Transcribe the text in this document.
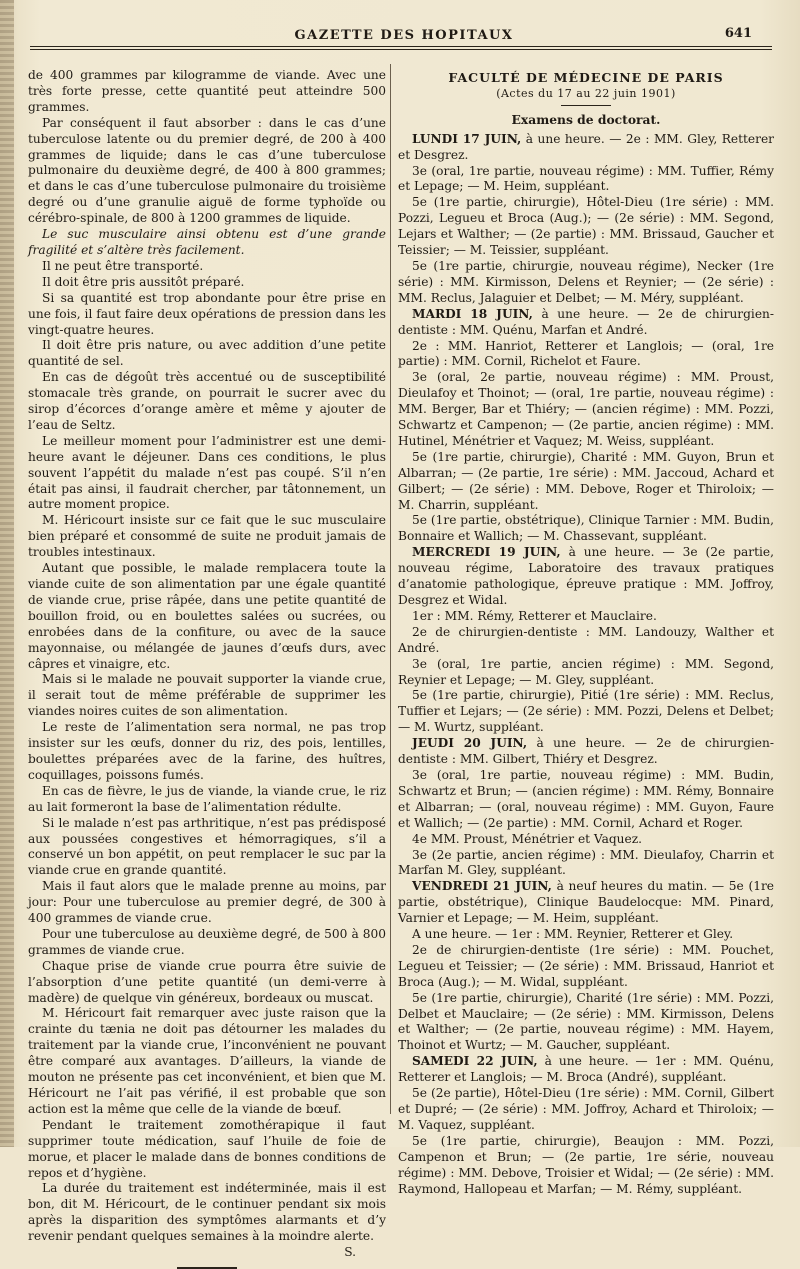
GAZETTE DES HOPITAUX	641

de 400 grammes par kilogramme de viande. Avec une très forte presse, cette quantité peut atteindre 500 grammes.

Par conséquent il faut absorber : dans le cas d’une tuberculose latente ou du premier degré, de 200 à 400 grammes de liquide; dans le cas d’une tuberculose pulmonaire du deuxième degré, de 400 à 800 grammes; et dans le cas d’une tuberculose pulmonaire du troisième degré ou d’une granulie aiguë de forme typhoïde ou cérébro-spinale, de 800 à 1200 grammes de liquide.

Le suc musculaire ainsi obtenu est d’une grande fragilité et s’altère très facilement.

Il ne peut être transporté.

Il doit être pris aussitôt préparé.

Si sa quantité est trop abondante pour être prise en une fois, il faut faire deux opérations de pression dans les vingt-quatre heures.

Il doit être pris nature, ou avec addition d’une petite quantité de sel.

En cas de dégoût très accentué ou de susceptibilité stomacale très grande, on pourrait le sucrer avec du sirop d’écorces d’orange amère et même y ajouter de l’eau de Seltz.

Le meilleur moment pour l’administrer est une demi-heure avant le déjeuner. Dans ces conditions, le plus souvent l’appétit du malade n’est pas coupé. S’il n’en était pas ainsi, il faudrait chercher, par tâtonnement, un autre moment propice.

M. Héricourt insiste sur ce fait que le suc musculaire bien préparé et consommé de suite ne produit jamais de troubles intestinaux.

Autant que possible, le malade remplacera toute la viande cuite de son alimentation par une égale quantité de viande crue, prise râpée, dans une petite quantité de bouillon froid, ou en boulettes salées ou sucrées, ou enrobées dans de la confiture, ou avec de la sauce mayonnaise, ou mélangée de jaunes d’œufs durs, avec câpres et vinaigre, etc.

Mais si le malade ne pouvait supporter la viande crue, il serait tout de même préférable de supprimer les viandes noires cuites de son alimentation.

Le reste de l’alimentation sera normal, ne pas trop insister sur les œufs, donner du riz, des pois, lentilles, boulettes préparées avec de la farine, des huîtres, coquillages, poissons fumés.

En cas de fièvre, le jus de viande, la viande crue, le riz au lait formeront la base de l’alimentation rédulte.

Si le malade n’est pas arthritique, n’est pas prédisposé aux poussées congestives et hémorragiques, s’il a conservé un bon appétit, on peut remplacer le suc par la viande crue en grande quantité.

Mais il faut alors que le malade prenne au moins, par jour: Pour une tuberculose au premier degré, de 300 à 400 grammes de viande crue.

Pour une tuberculose au deuxième degré, de 500 à 800 grammes de viande crue.

Chaque prise de viande crue pourra être suivie de l’absorption d’une petite quantité (un demi-verre à madère) de quelque vin généreux, bordeaux ou muscat.

M. Héricourt fait remarquer avec juste raison que la crainte du tænia ne doit pas détourner les malades du traitement par la viande crue, l’inconvénient ne pouvant être comparé aux avantages. D’ailleurs, la viande de mouton ne présente pas cet inconvénient, et bien que M. Héricourt ne l’ait pas vérifié, il est probable que son action est la même que celle de la viande de bœuf.

Pendant le traitement zomothérapique il faut supprimer toute médication, sauf l’huile de foie de morue, et placer le malade dans de bonnes conditions de repos et d’hygiène.

La durée du traitement est indéterminée, mais il est bon, dit M. Héricourt, de le continuer pendant six mois après la disparition des symptômes alarmants et d’y revenir pendant quelques semaines à la moindre alerte.

S.

FACULTÉ DE MÉDECINE DE PARIS
(Actes du 17 au 22 juin 1901)
Examens de doctorat.

LUNDI 17 JUIN, à une heure. — 2e : MM. Gley, Retterer et Desgrez.

3e (oral, 1re partie, nouveau régime) : MM. Tuffier, Rémy et Lepage; — M. Heim, suppléant.

5e (1re partie, chirurgie), Hôtel-Dieu (1re série) : MM. Pozzi, Legueu et Broca (Aug.); — (2e série) : MM. Segond, Lejars et Walther; — (2e partie) : MM. Brissaud, Gaucher et Teissier; — M. Teissier, suppléant.

5e (1re partie, chirurgie, nouveau régime), Necker (1re série) : MM. Kirmisson, Delens et Reynier; — (2e série) : MM. Reclus, Jalaguier et Delbet; — M. Méry, suppléant.

MARDI 18 JUIN, à une heure. — 2e de chirurgien-dentiste : MM. Quénu, Marfan et André.

2e : MM. Hanriot, Retterer et Langlois; — (oral, 1re partie) : MM. Cornil, Richelot et Faure.

3e (oral, 2e partie, nouveau régime) : MM. Proust, Dieulafoy et Thoinot; — (oral, 1re partie, nouveau régime) : MM. Berger, Bar et Thiéry; — (ancien régime) : MM. Pozzi, Schwartz et Campenon; — (2e partie, ancien régime) : MM. Hutinel, Ménétrier et Vaquez; M. Weiss, suppléant.

5e (1re partie, chirurgie), Charité : MM. Guyon, Brun et Albarran; — (2e partie, 1re série) : MM. Jaccoud, Achard et Gilbert; — (2e série) : MM. Debove, Roger et Thiroloix; — M. Charrin, suppléant.

5e (1re partie, obstétrique), Clinique Tarnier : MM. Budin, Bonnaire et Wallich; — M. Chassevant, suppléant.

MERCREDI 19 JUIN, à une heure. — 3e (2e partie, nouveau régime, Laboratoire des travaux pratiques d’anatomie pathologique, épreuve pratique : MM. Joffroy, Desgrez et Widal.

1er : MM. Rémy, Retterer et Mauclaire.

2e de chirurgien-dentiste : MM. Landouzy, Walther et André.

3e (oral, 1re partie, ancien régime) : MM. Segond, Reynier et Lepage; — M. Gley, suppléant.

5e (1re partie, chirurgie), Pitié (1re série) : MM. Reclus, Tuffier et Lejars; — (2e série) : MM. Pozzi, Delens et Delbet; — M. Wurtz, suppléant.

JEUDI 20 JUIN, à une heure. — 2e de chirurgien-dentiste : MM. Gilbert, Thiéry et Desgrez.

3e (oral, 1re partie, nouveau régime) : MM. Budin, Schwartz et Brun; — (ancien régime) : MM. Rémy, Bonnaire et Albarran; — (oral, nouveau régime) : MM. Guyon, Faure et Wallich; — (2e partie) : MM. Cornil, Achard et Roger.

4e MM. Proust, Ménétrier et Vaquez.

3e (2e partie, ancien régime) : MM. Dieulafoy, Charrin et Marfan M. Gley, suppléant.

VENDREDI 21 JUIN, à neuf heures du matin. — 5e (1re partie, obstétrique), Clinique Baudelocque: MM. Pinard, Varnier et Lepage; — M. Heim, suppléant.

A une heure. — 1er : MM. Reynier, Retterer et Gley.

2e de chirurgien-dentiste (1re série) : MM. Pouchet, Legueu et Teissier; — (2e série) : MM. Brissaud, Hanriot et Broca (Aug.); — M. Widal, suppléant.

5e (1re partie, chirurgie), Charité (1re série) : MM. Pozzi, Delbet et Mauclaire; — (2e série) : MM. Kirmisson, Delens et Walther; — (2e partie, nouveau régime) : MM. Hayem, Thoinot et Wurtz; — M. Gaucher, suppléant.

SAMEDI 22 JUIN, à une heure. — 1er : MM. Quénu, Retterer et Langlois; — M. Broca (André), suppléant.

5e (2e partie), Hôtel-Dieu (1re série) : MM. Cornil, Gilbert et Dupré; — (2e série) : MM. Joffroy, Achard et Thiroloix; — M. Vaquez, suppléant.

5e (1re partie, chirurgie), Beaujon : MM. Pozzi, Campenon et Brun; — (2e partie, 1re série, nouveau régime) : MM. Debove, Troisier et Widal; — (2e série) : MM. Raymond, Hallopeau et Marfan; — M. Rémy, suppléant.
